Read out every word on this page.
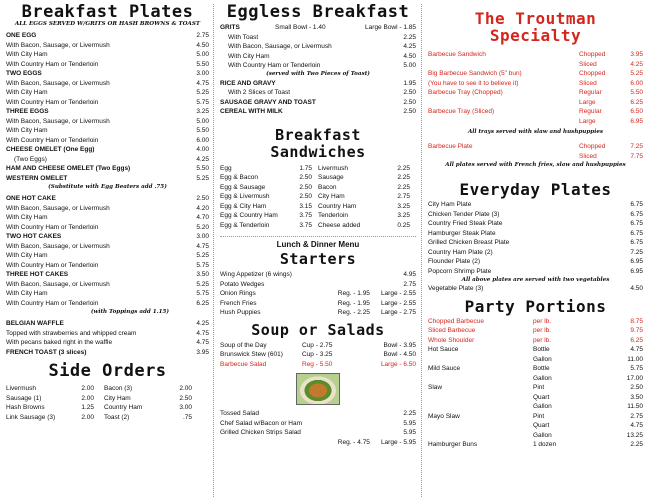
Breakfast Plates

ALL EGGS SERVED W/GRITS OR HASH BROWNS & TOAST

ONE EGG	2.75
With Bacon, Sausage, or Livermush	4.50
With City Ham	5.00
With Country Ham or Tenderloin	5.50
TWO EGGS	3.00
With Bacon, Sausage, or Livermush	4.75
With City Ham	5.25
With Country Ham or Tenderloin	5.75
THREE EGGS	3.25
With Bacon, Sausage, or Livermush	5.00
With City Ham	5.50
With Country Ham or Tenderloin	6.00
CHEESE OMELET (One Egg)	4.00
(Two Eggs)	4.25
HAM AND CHEESE OMELET (Two Eggs)	5.50
WESTERN OMELET	5.25

(Substitute with Egg Beaters add .75)

ONE HOT CAKE	2.50
With Bacon, Sausage, or Livermush	4.20
With City Ham	4.70
With Country Ham or Tenderloin	5.20
TWO HOT CAKES	3.00
With Bacon, Sausage, or Livermush	4.75
With City Ham	5.25
With Country Ham or Tenderloin	5.75
THREE HOT CAKES	3.50
With Bacon, Sausage, or Livermush	5.25
With City Ham	5.75
With Country Ham or Tenderloin	6.25

(with Toppings add 1.15)

BELGIAN WAFFLE	4.25
Topped with strawberries and whipped cream	4.75
With pecans baked right in the waffle	4.75
FRENCH TOAST (3 slices)	3.95
Side Orders
Livermush	2.00	Bacon (3)	2.00
Sausage (1)	2.00	City Ham	2.50
Hash Browns	1.25	Country Ham	3.00
Link Sausage (3)	2.00	Toast (2)	.75
Eggless Breakfast
GRITS	Small Bowl - 1.40	Large Bowl - 1.85
With Toast	2.25
With Bacon, Sausage, or Livermush	4.25
With City Ham	4.50
With Country Ham or Tenderloin	5.00

(served with Two Pieces of Toast)

RICE AND GRAVY	1.95
With 2 Slices of Toast	2.50
SAUSAGE GRAVY AND TOAST	2.50
CEREAL WITH MILK	2.50
Breakfast
Sandwiches
Egg	1.75
Egg & Bacon	2.50
Egg & Sausage	2.50
Egg & Livermush	2.50
Egg & City Ham	3.15
Egg & Country Ham	3.75
Egg & Tenderloin	3.75
Livermush	2.25
Sausage	2.25
Bacon	2.25
City Ham	2.75
Country Ham	3.25
Tenderloin	3.25
Cheese added	0.25

Lunch & Dinner Menu

Starters
Wing Appetizer (6 wings)	4.95
Potato Wedges	2.75
Onion Rings	Reg. - 1.95	Large - 2.55
French Fries	Reg. - 1.95	Large - 2.55
Hush Puppies	Reg. - 2.25	Large - 2.75
Soup or Salads
Soup of the Day	Cup - 2.75	Bowl - 3.95
Brunswick Stew (601)	Cup - 3.25	Bowl - 4.50
Barbecue Salad	Reg - 5.50	Large - 6.50
Tossed Salad	2.25
Chef Salad w/Bacon or Ham	5.95
Grilled Chicken Strips Salad	5.95
Reg. - 4.75	Large - 5.95
The Troutman
Specialty
Barbecue Sandwich	Chopped	3.95
Sliced	4.25
Big Barbecue Sandwich (5" bun)	Chopped	5.25
(You have to see it to believe it)	Sliced	6.00
Barbecue Tray (Chopped)	Regular	5.50
Large	6.25
Barbecue Tray (Sliced)	Regular	6.50
Large	6.95

All trays served with slaw and hushpuppies

Barbecue Plate	Chopped	7.25
Sliced	7.75

All plates served with French fries, slaw and hushpuppies

Everyday Plates
City Ham Plate	6.75
Chicken Tender Plate (3)	6.75
Country Fried Steak Plate	6.75
Hamburger Steak Plate	6.75
Grilled Chicken Breast Plate	6.75
Country Ham Plate (2)	7.25
Flounder Plate (2)	6.95
Popcorn Shrimp Plate	6.95

All above plates are served with two vegetables

Vegetable Plate (3)	4.50
Party Portions
Chopped Barbecue	per lb.	8.75
Sliced Barbecue	per lb.	9.75
Whole Shoulder	per lb.	6.25
Hot Sauce	Bottle	4.75
Gallon	11.00
Mild Sauce	Bottle	5.75
Gallon	17.00
Slaw	Pint	2.50
Quart	3.50
Gallon	11.50
Mayo Slaw	Pint	2.75
Quart	4.75
Gallon	13.25
Hamburger Buns	1 dozen	2.25
